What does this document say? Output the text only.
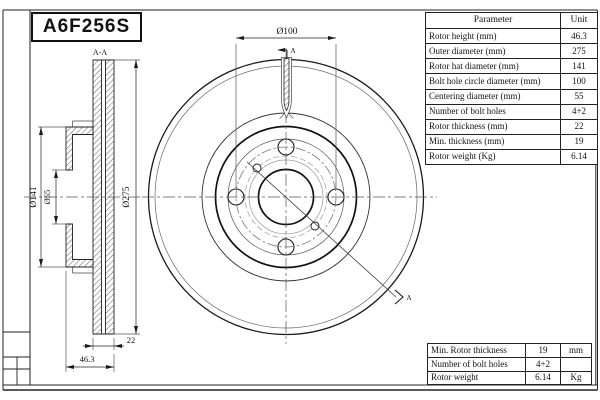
Ø100
A
A
A-A
Ø275
Ø141 Ø55
22
46.3
A6F256S	Parameter	Unit
Rotor height (mm)	46.3
Outer diameter (mm)	275
Rotor hat diameter (mm)	141
Bolt hole circle diameter (mm)	100
Centering diameter (mm)	55
Number of bolt holes	4+2
Rotor thickness (mm)	22
Min. thickness (mm)	19
Rotor weight (Kg)	6.14
Min. Rotor thickness	19	mm
Number of bolt holes	4+2
Rotor weight	6.14	Kg
